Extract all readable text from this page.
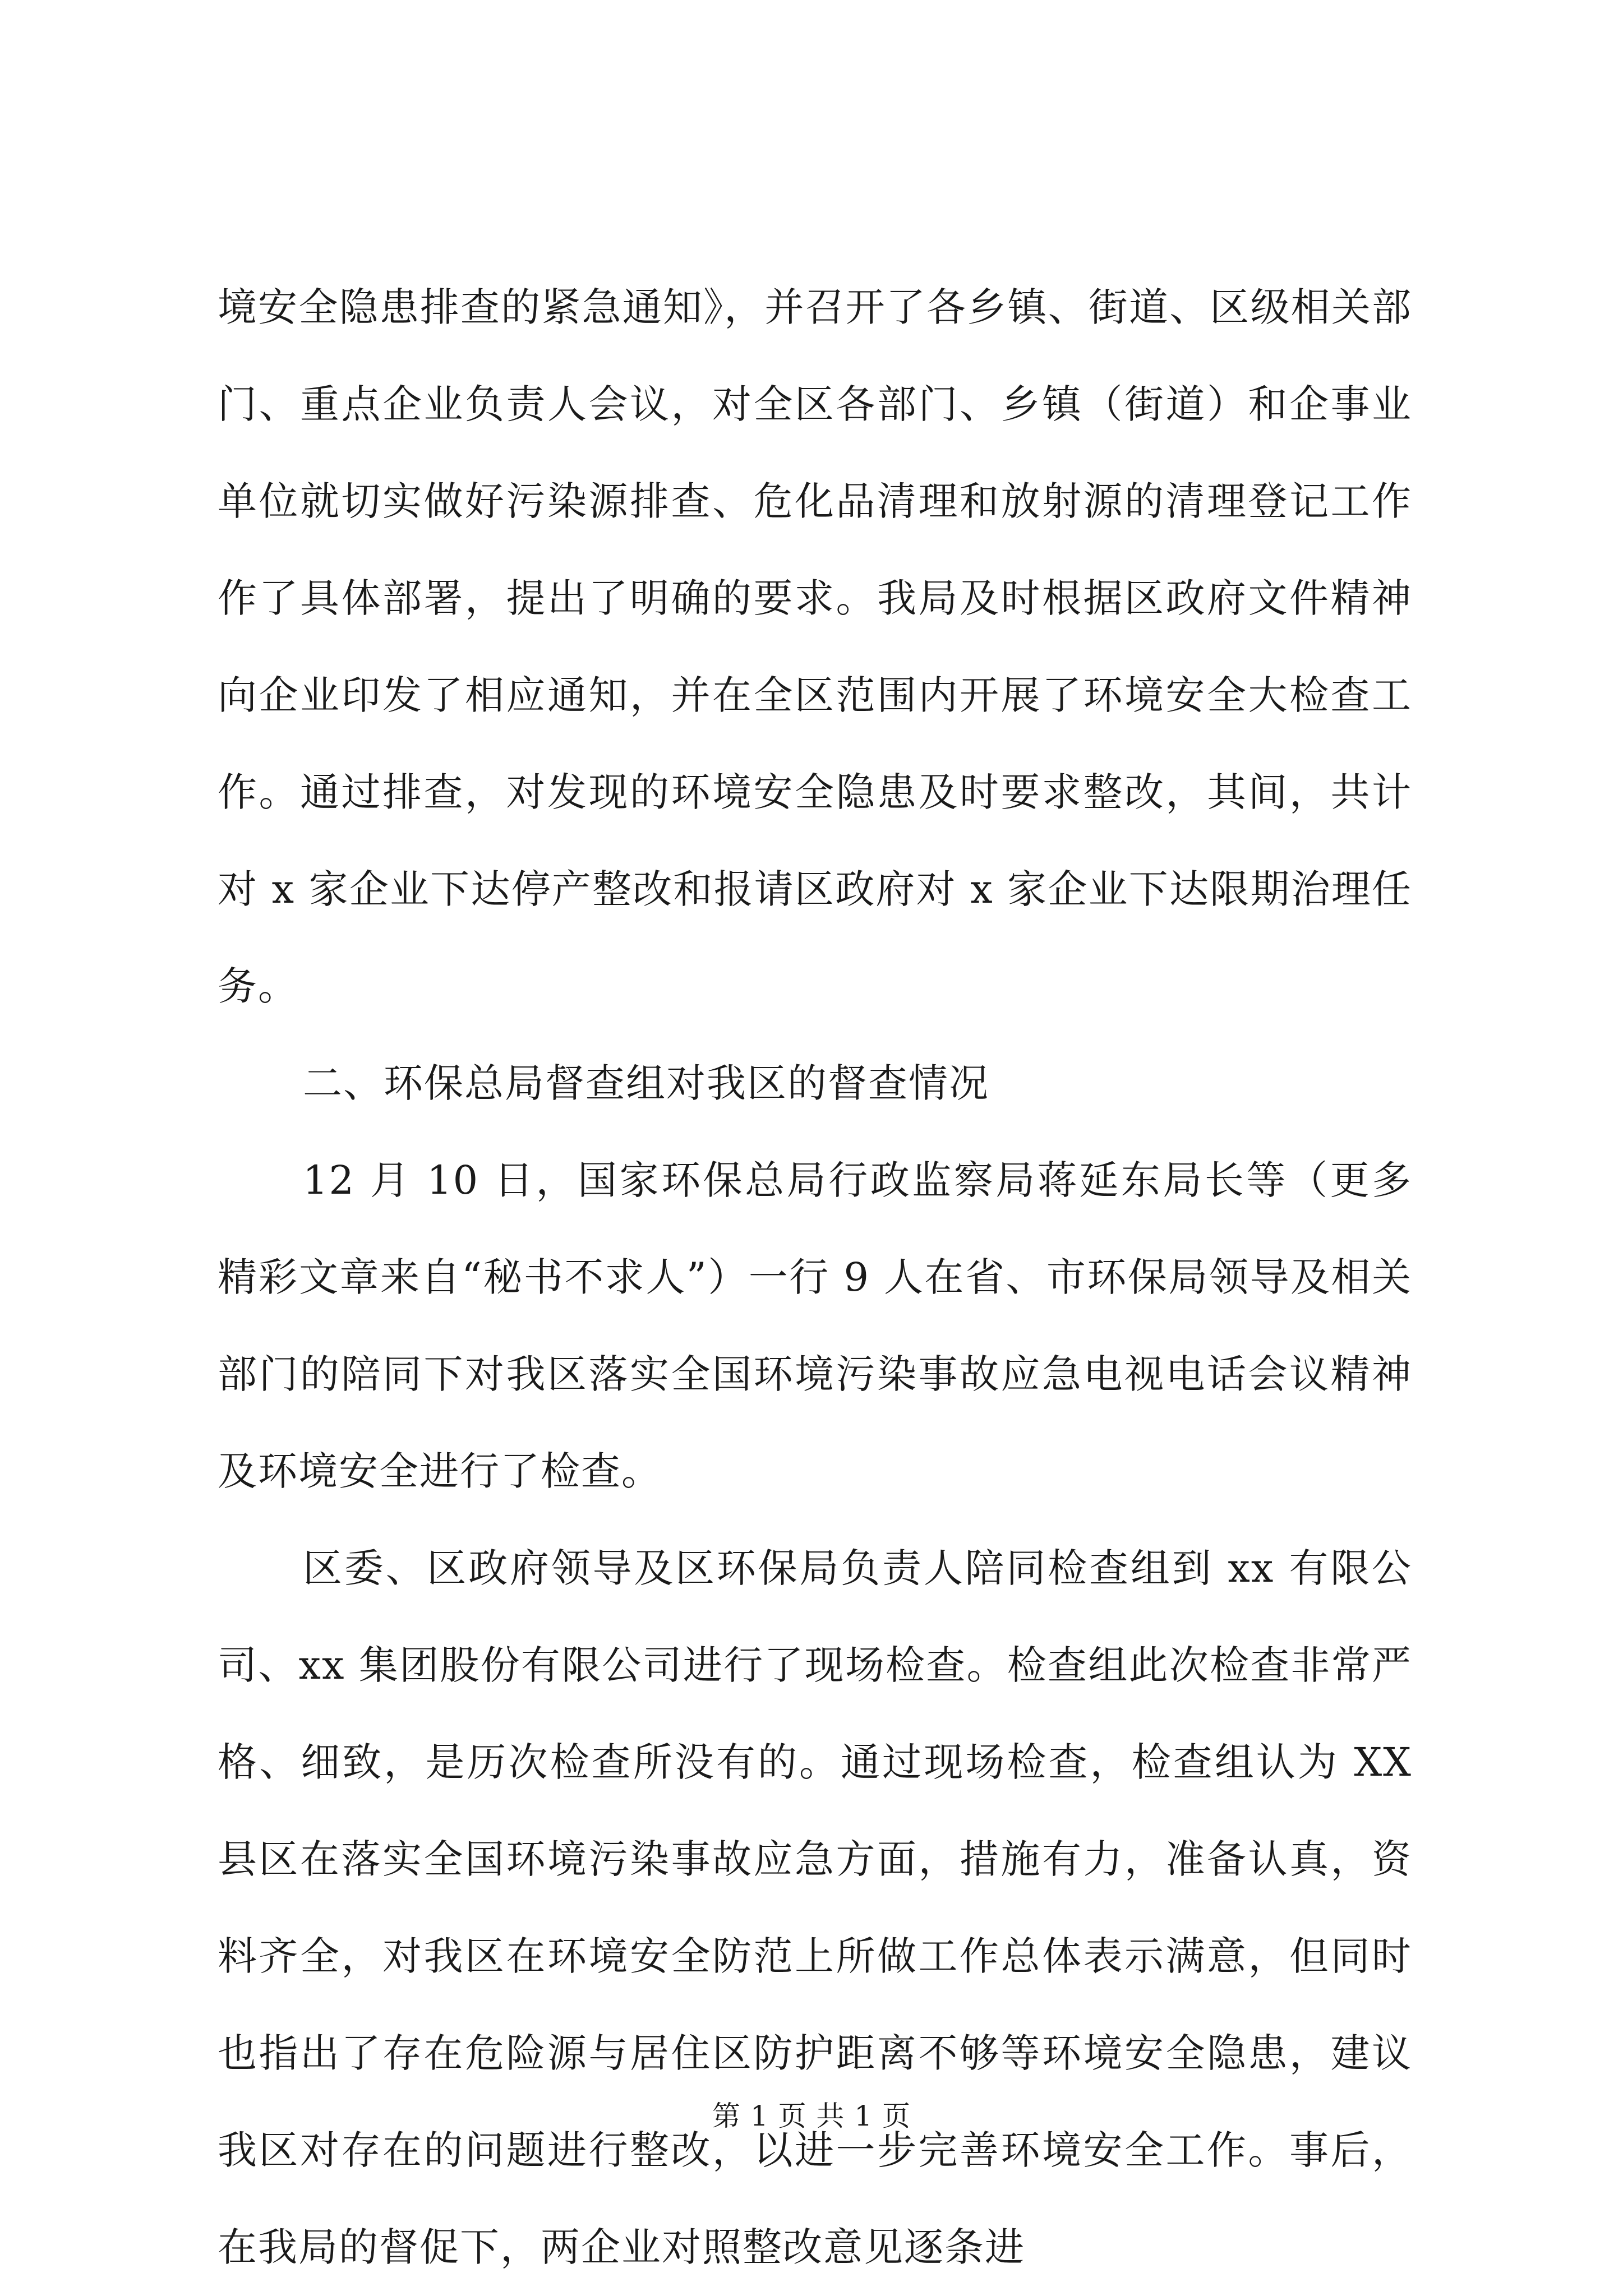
境安全隐患排查的紧急通知》，并召开了各乡镇、街道、区级相关部门、重点企业负责人会议，对全区各部门、乡镇（街道）和企事业单位就切实做好污染源排查、危化品清理和放射源的清理登记工作作了具体部署，提出了明确的要求。我局及时根据区政府文件精神向企业印发了相应通知，并在全区范围内开展了环境安全大检查工作。通过排查，对发现的环境安全隐患及时要求整改，其间，共计对 x 家企业下达停产整改和报请区政府对 x 家企业下达限期治理任务。

二、环保总局督查组对我区的督查情况

12 月 10 日，国家环保总局行政监察局蒋延东局长等（更多精彩文章来自“秘书不求人”）一行 9 人在省、市环保局领导及相关部门的陪同下对我区落实全国环境污染事故应急电视电话会议精神及环境安全进行了检查。

区委、区政府领导及区环保局负责人陪同检查组到 xx 有限公司、xx 集团股份有限公司进行了现场检查。检查组此次检查非常严格、细致，是历次检查所没有的。通过现场检查，检查组认为 XX 县区在落实全国环境污染事故应急方面，措施有力，准备认真，资料齐全，对我区在环境安全防范上所做工作总体表示满意，但同时也指出了存在危险源与居住区防护距离不够等环境安全隐患，建议我区对存在的问题进行整改，以进一步完善环境安全工作。事后，在我局的督促下，两企业对照整改意见逐条进

第 1 页 共 1 页
